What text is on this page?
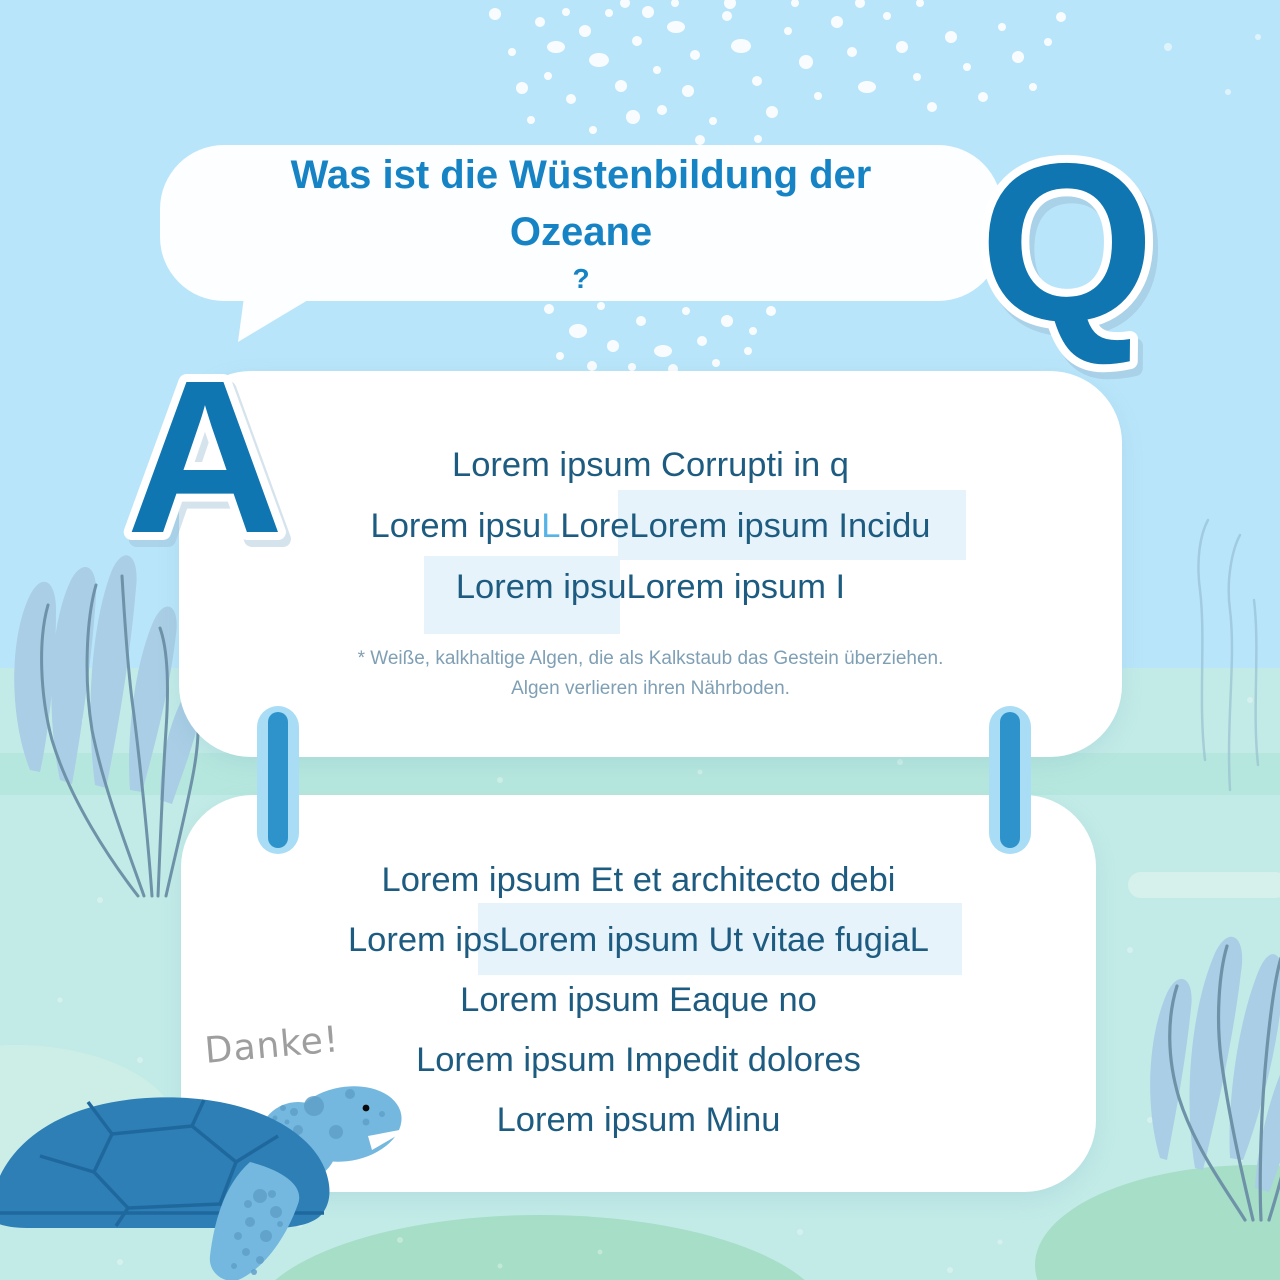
Was ist die Wüstenbildung der
Ozeane
?	Q
Lorem ipsum Corrupti in q
Lorem ipsuLLoreLorem ipsum Incidu
Lorem ipsuLorem ipsum I
* Weiße, kalkhaltige Algen, die als Kalkstaub das Gestein überziehen.
Algen verlieren ihren Nährboden.
A
Lorem ipsum Et et architecto debi
Lorem ipsLorem ipsum Ut vitae fugiaL
Lorem ipsum Eaque no
Lorem ipsum Impedit dolores
Lorem ipsum Minu
Danke!
